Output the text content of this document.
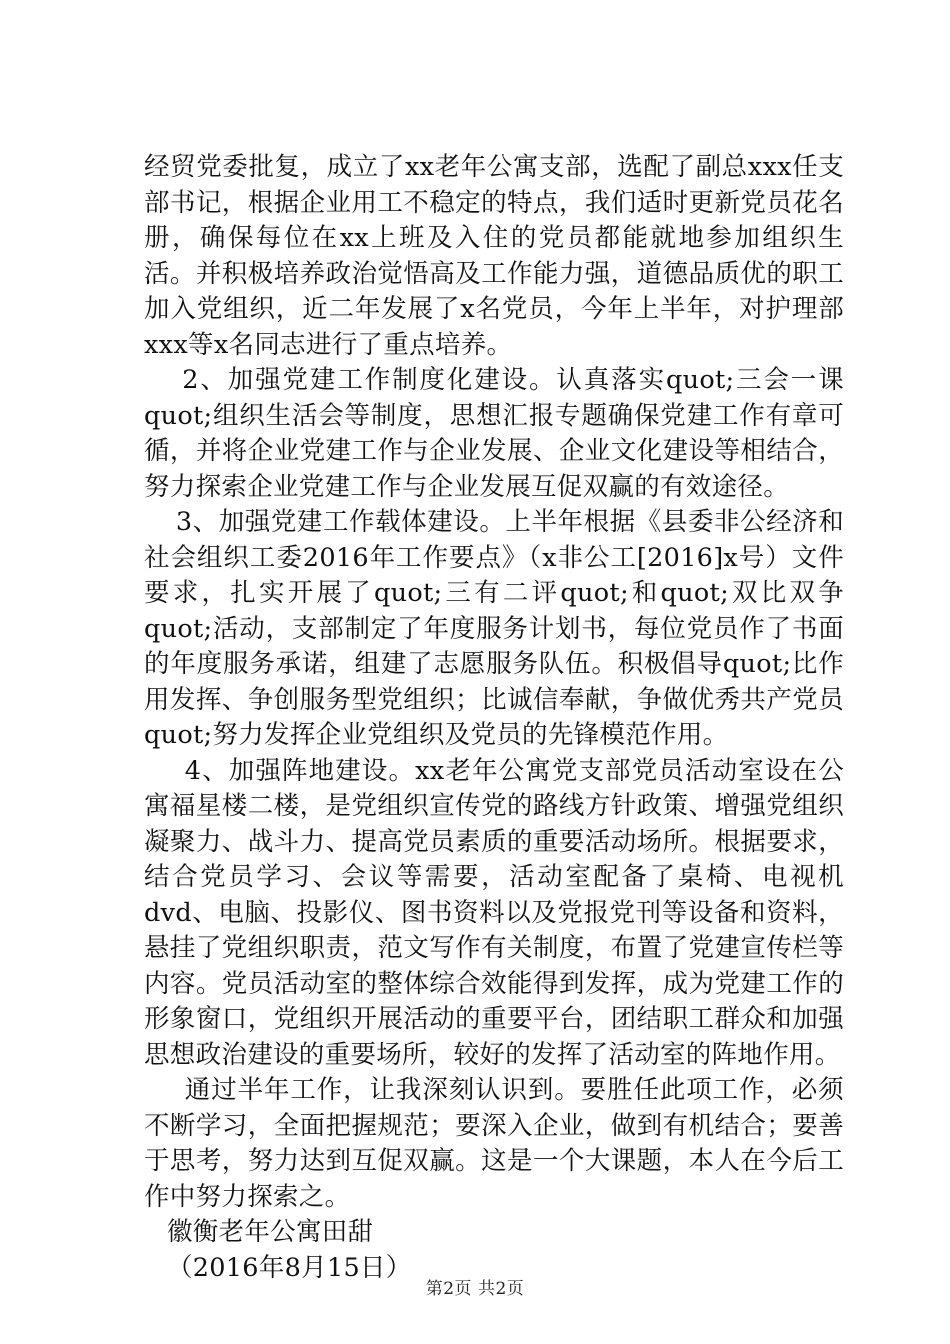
经贸党委批复，成立了xx老年公寓支部，选配了副总xxx任支部书记，根据企业用工不稳定的特点，我们适时更新党员花名册，确保每位在xx上班及入住的党员都能就地参加组织生活。并积极培养政治觉悟高及工作能力强，道德品质优的职工加入党组织，近二年发展了x名党员，今年上半年，对护理部xxx等x名同志进行了重点培养。

2、加强党建工作制度化建设。认真落实quot;三会一课quot;组织生活会等制度，思想汇报专题确保党建工作有章可循，并将企业党建工作与企业发展、企业文化建设等相结合，努力探索企业党建工作与企业发展互促双赢的有效途径。

3、加强党建工作载体建设。上半年根据《县委非公经济和社会组织工委2016年工作要点》（x非公工[2016]x号）文件要求，扎实开展了quot;三有二评quot;和quot;双比双争quot;活动，支部制定了年度服务计划书，每位党员作了书面的年度服务承诺，组建了志愿服务队伍。积极倡导quot;比作用发挥、争创服务型党组织；比诚信奉献，争做优秀共产党员quot;努力发挥企业党组织及党员的先锋模范作用。

4、加强阵地建设。xx老年公寓党支部党员活动室设在公寓福星楼二楼，是党组织宣传党的路线方针政策、增强党组织凝聚力、战斗力、提高党员素质的重要活动场所。根据要求，结合党员学习、会议等需要，活动室配备了桌椅、电视机dvd、电脑、投影仪、图书资料以及党报党刊等设备和资料，悬挂了党组织职责，范文写作有关制度，布置了党建宣传栏等内容。党员活动室的整体综合效能得到发挥，成为党建工作的形象窗口，党组织开展活动的重要平台，团结职工群众和加强思想政治建设的重要场所，较好的发挥了活动室的阵地作用。

通过半年工作，让我深刻认识到。要胜任此项工作，必须不断学习，全面把握规范；要深入企业，做到有机结合；要善于思考，努力达到互促双赢。这是一个大课题，本人在今后工作中努力探索之。

徽衡老年公寓田甜

（2016年8月15日）

第2页 共2页
